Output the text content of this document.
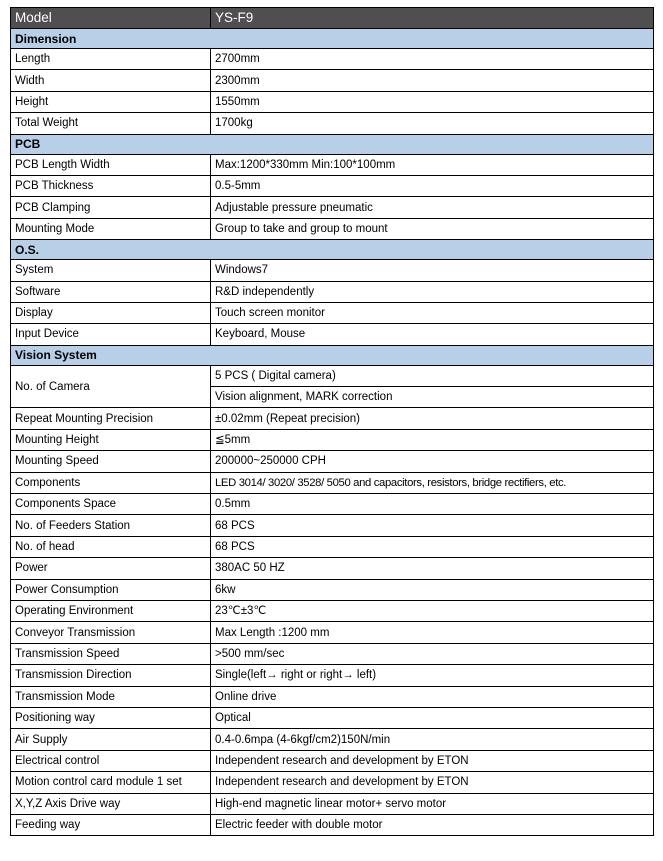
Model	YS-F9
Dimension	
Length	2700mm
Width	2300mm
Height	1550mm
Total Weight	1700kg
PCB	
PCB Length Width	Max:1200*330mm Min:100*100mm
PCB Thickness	0.5-5mm
PCB Clamping	Adjustable pressure pneumatic
Mounting Mode	Group to take and group to mount
O.S.	
System	Windows7
Software	R&D independently
Display	Touch screen monitor
Input Device	Keyboard, Mouse
Vision System	
No. of Camera	5 PCS ( Digital camera)
	Vision alignment, MARK correction
Repeat Mounting Precision	±0.02mm (Repeat precision)
Mounting Height	≦5mm
Mounting Speed	200000~250000 CPH
Components	LED 3014/ 3020/ 3528/ 5050 and capacitors, resistors, bridge rectifiers, etc.
Components Space	0.5mm
No. of Feeders Station	68 PCS
No. of head	68 PCS
Power	380AC 50 HZ
Power Consumption	6kw
Operating Environment	23℃±3℃
Conveyor Transmission	Max Length :1200 mm
Transmission Speed	>500 mm/sec
Transmission Direction	Single(left→ right or right→ left)
Transmission Mode	Online drive
Positioning way	Optical
Air Supply	0.4-0.6mpa (4-6kgf/cm2)150N/min
Electrical control	Independent research and development by ETON
Motion control card module 1 set	Independent research and development by ETON
X,Y,Z Axis Drive way	High-end magnetic linear motor+ servo motor
Feeding way	Electric feeder with double motor
